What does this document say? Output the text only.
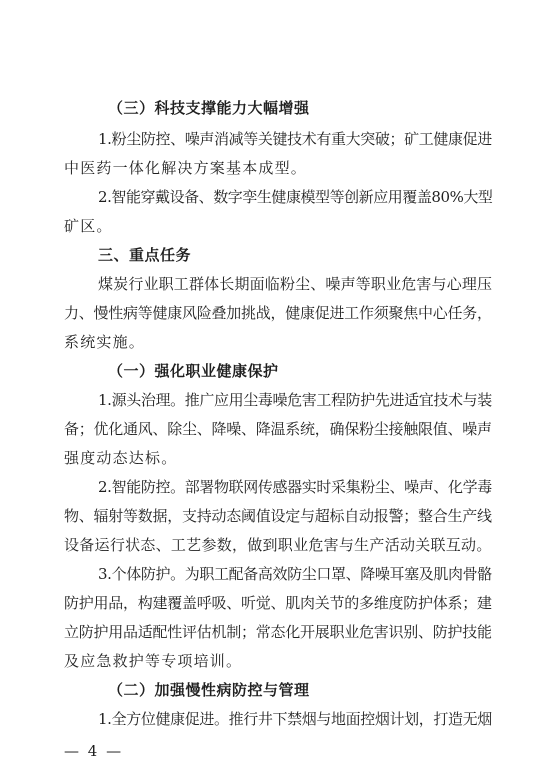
（三）科技支撑能力大幅增强

1.粉尘防控、噪声消减等关键技术有重大突破；矿工健康促进

中医药一体化解决方案基本成型。

2.智能穿戴设备、数字孪生健康模型等创新应用覆盖80%大型

矿区。

三、重点任务

煤炭行业职工群体长期面临粉尘、噪声等职业危害与心理压

力、慢性病等健康风险叠加挑战，健康促进工作须聚焦中心任务，

系统实施。

（一）强化职业健康保护

1.源头治理。推广应用尘毒噪危害工程防护先进适宜技术与装

备；优化通风、除尘、降噪、降温系统，确保粉尘接触限值、噪声

强度动态达标。

2.智能防控。部署物联网传感器实时采集粉尘、噪声、化学毒

物、辐射等数据，支持动态阈值设定与超标自动报警；整合生产线

设备运行状态、工艺参数，做到职业危害与生产活动关联互动。

3.个体防护。为职工配备高效防尘口罩、降噪耳塞及肌肉骨骼

防护用品，构建覆盖呼吸、听觉、肌肉关节的多维度防护体系；建

立防护用品适配性评估机制；常态化开展职业危害识别、防护技能

及应急救护等专项培训。

（二）加强慢性病防控与管理

1.全方位健康促进。推行井下禁烟与地面控烟计划，打造无烟

— 4 —
